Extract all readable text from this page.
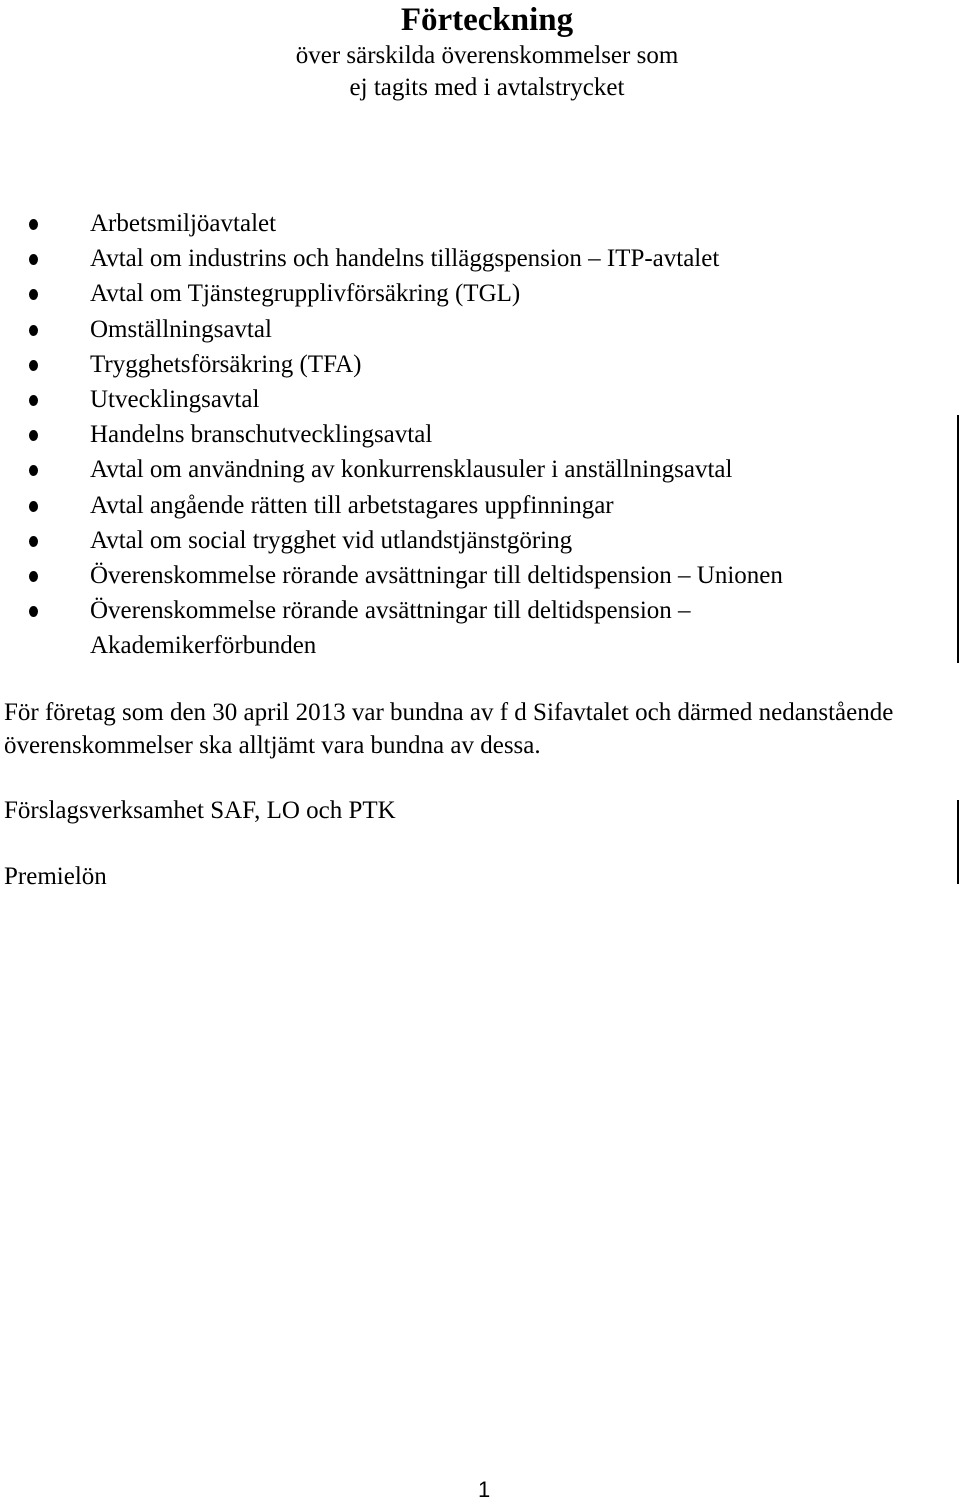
Förteckning

över särskilda överenskommelser som

ej tagits med i avtalstrycket

Arbetsmiljöavtalet
Avtal om industrins och handelns tilläggspension – ITP-avtalet
Avtal om Tjänstegrupplivförsäkring (TGL)
Omställningsavtal
Trygghetsförsäkring (TFA)
Utvecklingsavtal
Handelns branschutvecklingsavtal
Avtal om användning av konkurrensklausuler i anställningsavtal
Avtal angående rätten till arbetstagares uppfinningar
Avtal om social trygghet vid utlandstjänstgöring
Överenskommelse rörande avsättningar till deltidspension – Unionen
Överenskommelse rörande avsättningar till deltidspension – Akademikerförbunden

För företag som den 30 april 2013 var bundna av f d Sifavtalet och därmed nedanstående överenskommelser ska alltjämt vara bundna av dessa.

Förslagsverksamhet SAF, LO och PTK

Premielön

1
